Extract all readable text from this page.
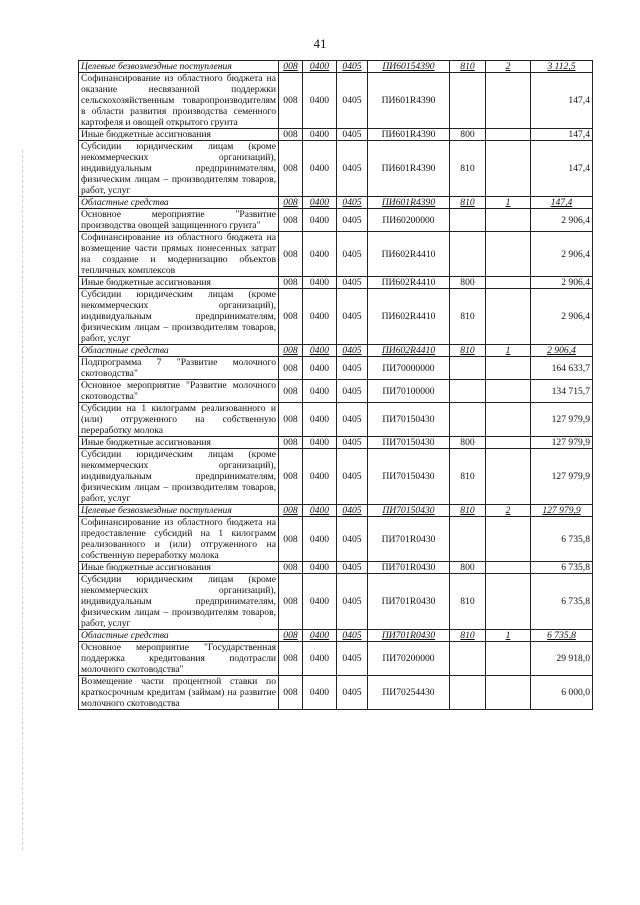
41
Целевые безвозмездные поступления	008	0400	0405	ПИ60154390	810	2	3 112,5
Софинансирование из областного бюджета на оказание несвязанной поддержки сельскохозяйственным товаропроизводителям в области развития производства семенного картофеля и овощей открытого грунта	008	0400	0405	ПИ601R4390			147,4
Иные бюджетные ассигнования	008	0400	0405	ПИ601R4390	800		147,4
Субсидии юридическим лицам (кроме некоммерческих организаций), индивидуальным предпринимателям, физическим лицам – производителям товаров, работ, услуг	008	0400	0405	ПИ601R4390	810		147,4
Областные средства	008	0400	0405	ПИ601R4390	810	1	147,4
Основное мероприятие "Развитие производства овощей защищенного грунта"	008	0400	0405	ПИ60200000			2 906,4
Софинансирование из областного бюджета на возмещение части прямых понесенных затрат на создание и модернизацию объектов тепличных комплексов	008	0400	0405	ПИ602R4410			2 906,4
Иные бюджетные ассигнования	008	0400	0405	ПИ602R4410	800		2 906,4
Субсидии юридическим лицам (кроме некоммерческих организаций), индивидуальным предпринимателям, физическим лицам – производителям товаров, работ, услуг	008	0400	0405	ПИ602R4410	810		2 906,4
Областные средства	008	0400	0405	ПИ602R4410	810	1	2 906,4
Подпрограмма 7 "Развитие молочного скотоводства"	008	0400	0405	ПИ70000000			164 633,7
Основное мероприятие "Развитие молочного скотоводства"	008	0400	0405	ПИ70100000			134 715,7
Субсидии на 1 килограмм реализованного и (или) отгруженного на собственную переработку молока	008	0400	0405	ПИ70150430			127 979,9
Иные бюджетные ассигнования	008	0400	0405	ПИ70150430	800		127 979,9
Субсидии юридическим лицам (кроме некоммерческих организаций), индивидуальным предпринимателям, физическим лицам – производителям товаров, работ, услуг	008	0400	0405	ПИ70150430	810		127 979,9
Целевые безвозмездные поступления	008	0400	0405	ПИ70150430	810	2	127 979,9
Софинансирование из областного бюджета на предоставление субсидий на 1 килограмм реализованного и (или) отгруженного на собственную переработку молока	008	0400	0405	ПИ701R0430			6 735,8
Иные бюджетные ассигнования	008	0400	0405	ПИ701R0430	800		6 735,8
Субсидии юридическим лицам (кроме некоммерческих организаций), индивидуальным предпринимателям, физическим лицам – производителям товаров, работ, услуг	008	0400	0405	ПИ701R0430	810		6 735,8
Областные средства	008	0400	0405	ПИ701R0430	810	1	6 735,8
Основное мероприятие "Государственная поддержка кредитования подотрасли молочного скотоводства"	008	0400	0405	ПИ70200000			29 918,0
Возмещение части процентной ставки по краткосрочным кредитам (займам) на развитие молочного скотоводства	008	0400	0405	ПИ70254430			6 000,0
